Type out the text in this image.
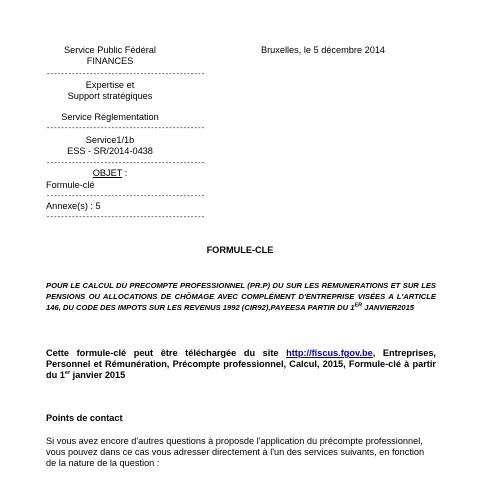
Service Public Fédéral
FINANCES
--------------------------------------------
Expertise et
Support stratégiques
Service Réglementation
--------------------------------------------
Service1/1b
ESS - SR/2014-0438
--------------------------------------------
OBJET :
Formule-clé
--------------------------------------------
Annexe(s) : 5
--------------------------------------------
Bruxelles, le 5 décembre 2014
FORMULE-CLE
POUR LE CALCUL DU PRECOMPTE PROFESSIONNEL (PR.P) DU SUR LES REMUNERATIONS ET SUR LES PENSIONS OU ALLOCATIONS DE CHÔMAGE AVEC COMPLÉMENT D'ENTREPRISE VISÉES A L'ARTICLE 146, DU CODE DES IMPOTS SUR LES REVENUS 1992 (CIR92),PAYEESA PARTIR DU 1ER JANVIER2015
Cette formule-clé peut être téléchargée du site http://fiscus.fgov.be, Entreprises, Personnel et Rémunération, Précompte professionnel, Calcul, 2015, Formule-clé à partir du 1er janvier 2015
Points de contact
Si vous avez encore d'autres questions à proposde l'application du précompte professionnel, vous pouvez dans ce cas vous adresser directement à l'un des services suivants, en fonction de la nature de la question :
